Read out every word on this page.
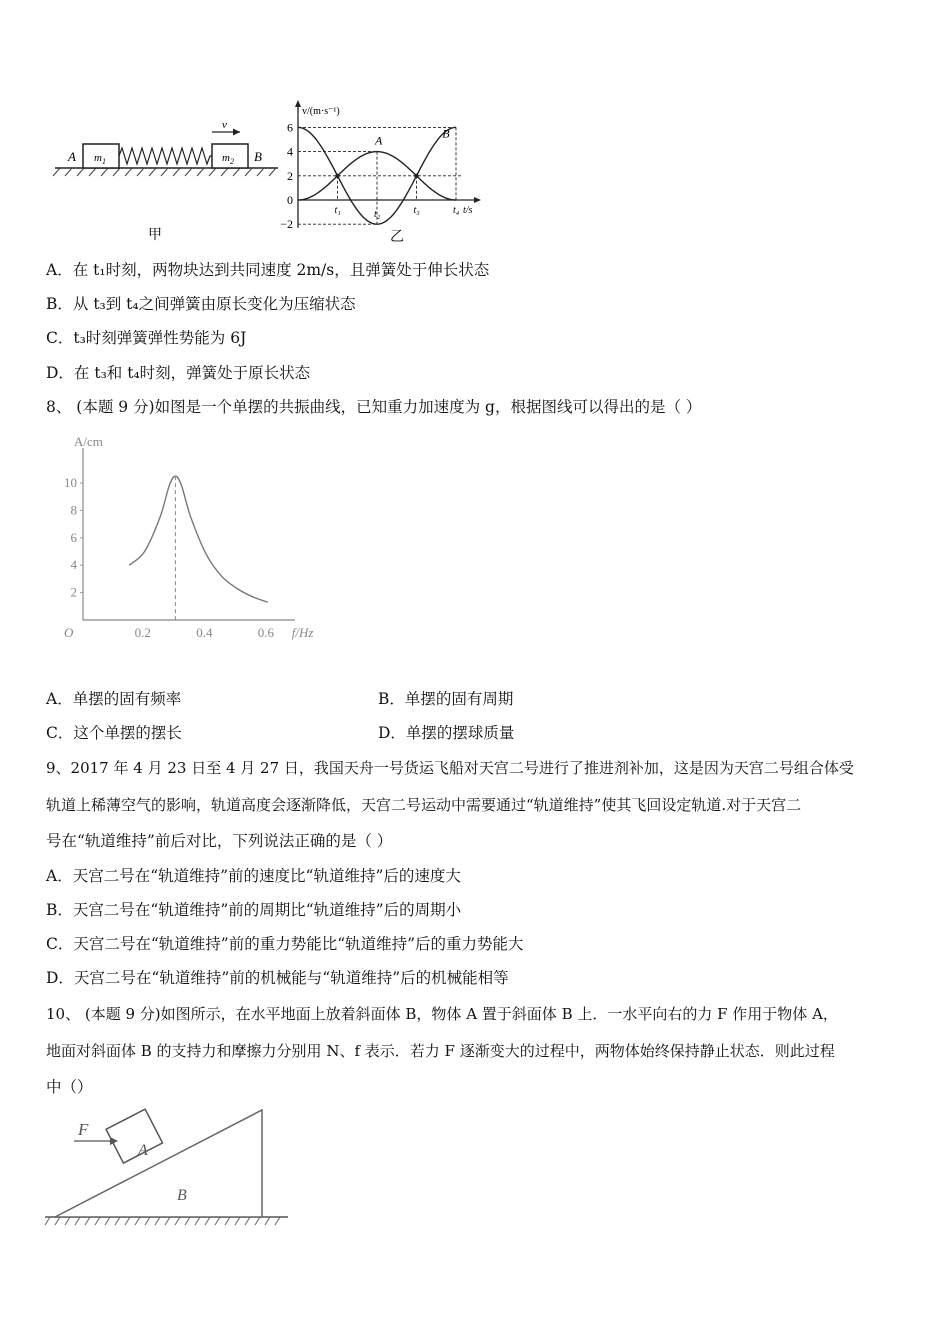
A	B
$m_1$	$m_2$
v
甲
6
4
2
0
−2
t₁	t₂	t₃	t₄
v/(m·s⁻¹)
t/s
A
B
乙
A．在 t₁时刻，两物块达到共同速度 2m/s，且弹簧处于伸长状态
B．从 t₃到 t₄之间弹簧由原长变化为压缩状态
C．t₃时刻弹簧弹性势能为 6J
D．在 t₃和 t₄时刻，弹簧处于原长状态
8、 (本题 9 分)如图是一个单摆的共振曲线，已知重力加速度为 g，根据图线可以得出的是（ ）
10
8
6
4
2
0.2	0.4	0.6
O
A/cm
f/Hz
A．单摆的固有频率	B．单摆的固有周期
C．这个单摆的摆长	D．单摆的摆球质量
9、2017 年 4 月 23 日至 4 月 27 日，我国天舟一号货运飞船对天宫二号进行了推进剂补加，这是因为天宫二号组合体受
轨道上稀薄空气的影响，轨道高度会逐渐降低，天宫二号运动中需要通过“轨道维持”使其飞回设定轨道.对于天宫二
号在“轨道维持”前后对比，下列说法正确的是（ ）
A．天宫二号在“轨道维持”前的速度比“轨道维持”后的速度大
B．天宫二号在“轨道维持”前的周期比“轨道维持”后的周期小
C．天宫二号在“轨道维持”前的重力势能比“轨道维持”后的重力势能大
D．天宫二号在“轨道维持”前的机械能与“轨道维持”后的机械能相等
10、 (本题 9 分)如图所示，在水平地面上放着斜面体 B，物体 A 置于斜面体 B 上．一水平向右的力 F 作用于物体 A，
地面对斜面体 B 的支持力和摩擦力分别用 N、f 表示．若力 F 逐渐变大的过程中，两物体始终保持静止状态．则此过程
中（）
F
A
B
